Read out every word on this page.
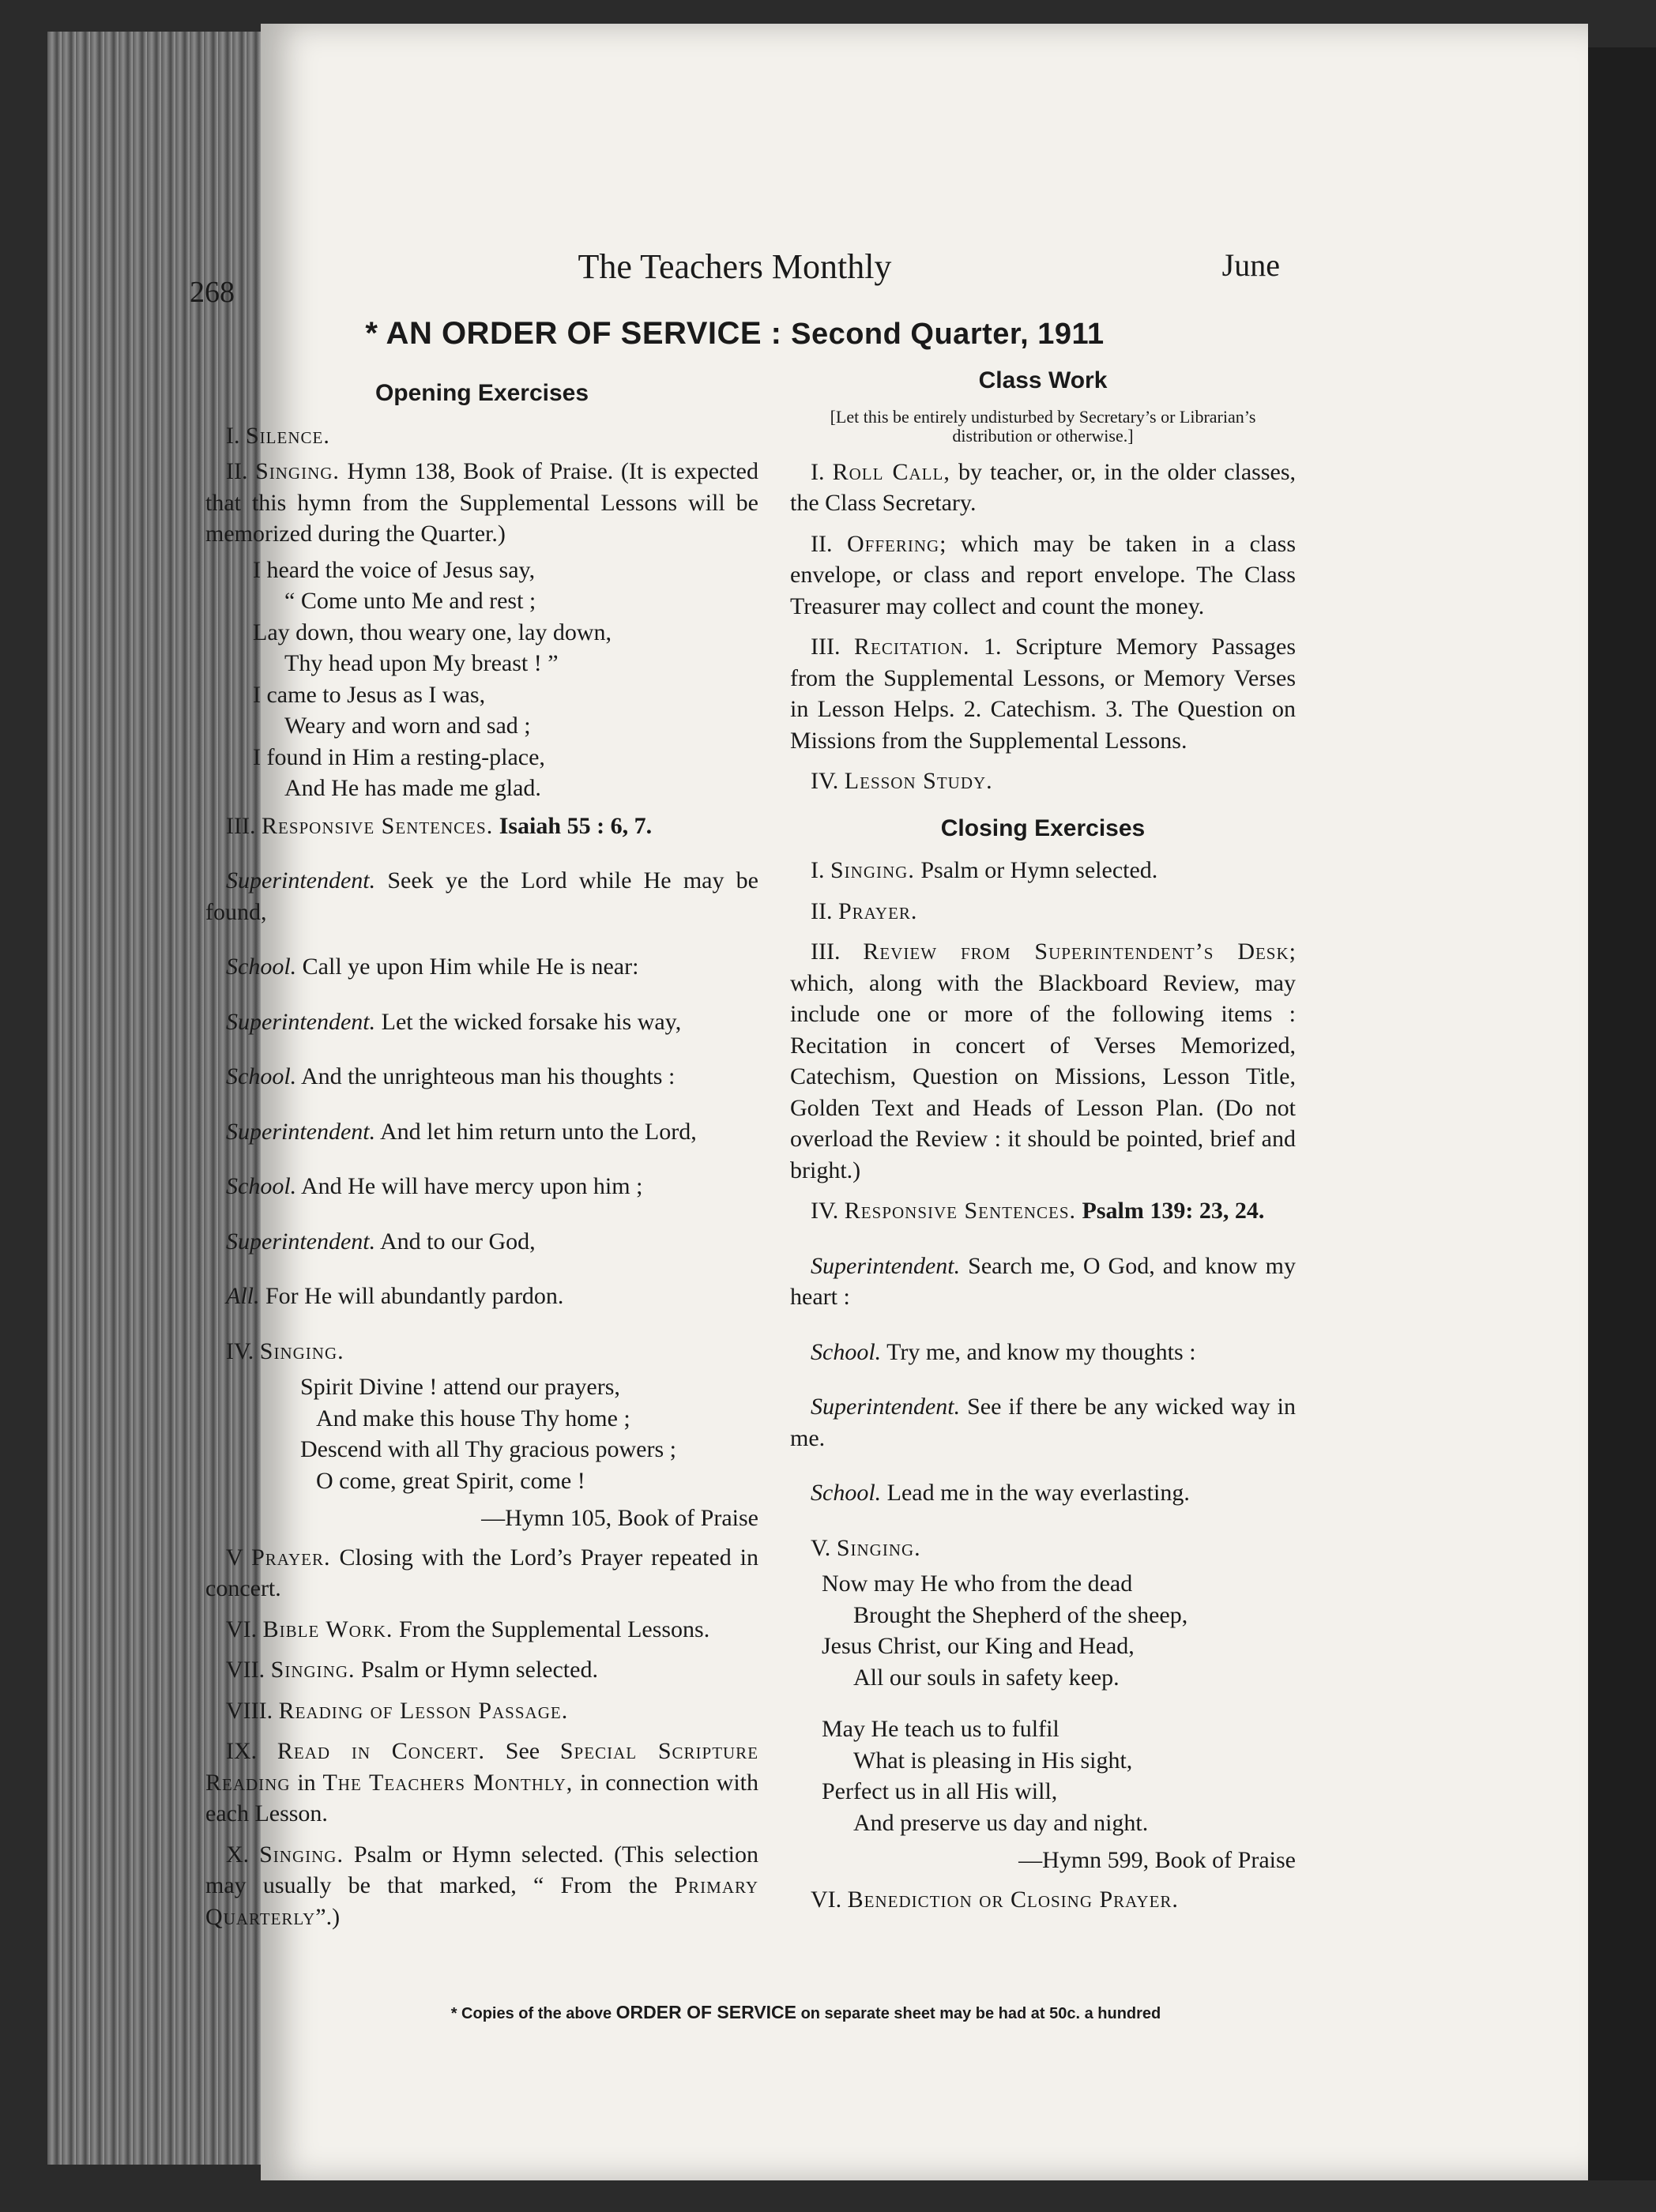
268
The Teachers Monthly	June
* AN ORDER OF SERVICE : Second Quarter, 1911
Opening Exercises

I. Silence.

II. Singing. Hymn 138, Book of Praise. (It is expected that this hymn from the Supplemental Lessons will be memorized during the Quarter.)

I heard the voice of Jesus say,
“ Come unto Me and rest ;
Lay down, thou weary one, lay down,
Thy head upon My breast ! ”
I came to Jesus as I was,
Weary and worn and sad ;
I found in Him a resting-place,
And He has made me glad.

III. Responsive Sentences. Isaiah 55 : 6, 7.

Superintendent. Seek ye the Lord while He may be found,

School. Call ye upon Him while He is near:

Superintendent. Let the wicked forsake his way,

School. And the unrighteous man his thoughts :

Superintendent. And let him return unto the Lord,

School. And He will have mercy upon him ;

Superintendent. And to our God,

All. For He will abundantly pardon.

IV. Singing.

Spirit Divine ! attend our prayers,
And make this house Thy home ;
Descend with all Thy gracious powers ;
O come, great Spirit, come !
—Hymn 105, Book of Praise

V Prayer. Closing with the Lord’s Prayer repeated in concert.

VI. Bible Work. From the Supplemental Lessons.

VII. Singing. Psalm or Hymn selected.

VIII. Reading of Lesson Passage.

IX. Read in Concert. See Special Scripture Reading in The Teachers Monthly, in connection with each Lesson.

X. Singing. Psalm or Hymn selected. (This selection may usually be that marked, “ From the Primary Quarterly”.)

Class Work
[Let this be entirely undisturbed by Secretary’s or Librarian’s distribution or otherwise.]

I. Roll Call, by teacher, or, in the older classes, the Class Secretary.

II. Offering; which may be taken in a class envelope, or class and report envelope. The Class Treasurer may collect and count the money.

III. Recitation. 1. Scripture Memory Passages from the Supplemental Lessons, or Memory Verses in Lesson Helps. 2. Catechism. 3. The Question on Missions from the Supplemental Lessons.

IV. Lesson Study.

Closing Exercises

I. Singing. Psalm or Hymn selected.

II. Prayer.

III. Review from Superintendent’s Desk; which, along with the Blackboard Review, may include one or more of the following items : Recitation in concert of Verses Memorized, Catechism, Question on Missions, Lesson Title, Golden Text and Heads of Lesson Plan. (Do not overload the Review : it should be pointed, brief and bright.)

IV. Responsive Sentences. Psalm 139: 23, 24.

Superintendent. Search me, O God, and know my heart :

School. Try me, and know my thoughts :

Superintendent. See if there be any wicked way in me.

School. Lead me in the way everlasting.

V. Singing.

Now may He who from the dead
Brought the Shepherd of the sheep,
Jesus Christ, our King and Head,
All our souls in safety keep.
May He teach us to fulfil
What is pleasing in His sight,
Perfect us in all His will,
And preserve us day and night.
—Hymn 599, Book of Praise

VI. Benediction or Closing Prayer.

* Copies of the above ORDER OF SERVICE on separate sheet may be had at 50c. a hundred
